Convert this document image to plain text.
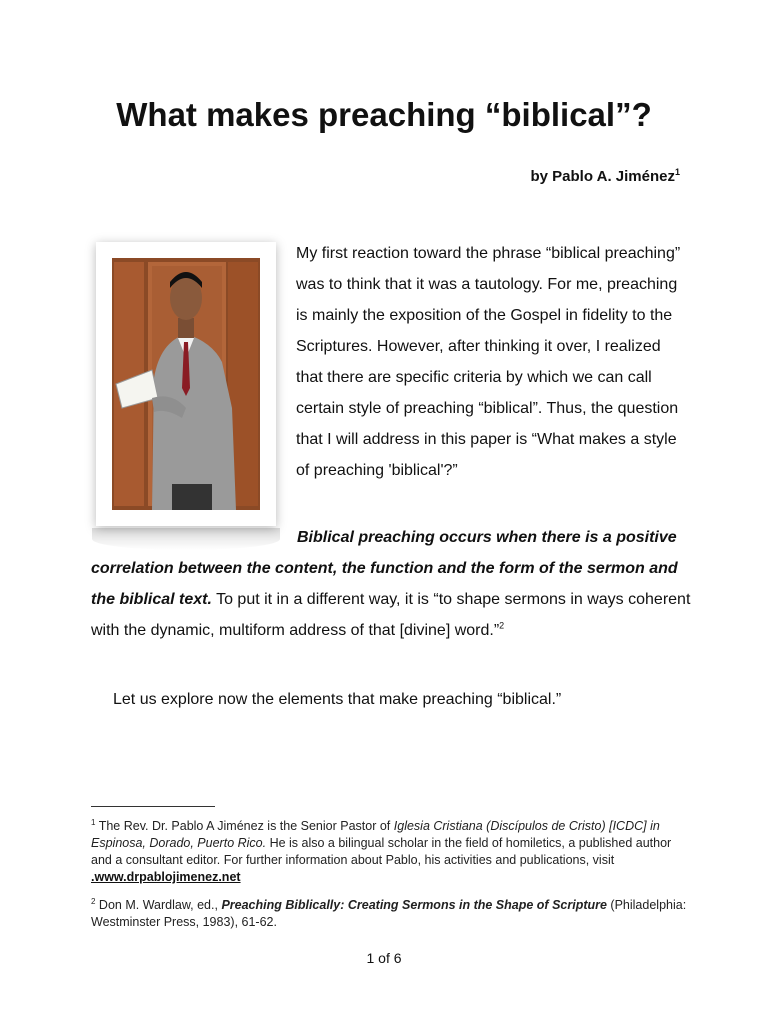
What makes preaching “biblical”?
by Pablo A. Jiménez$^1$

My first reaction toward the phrase “biblical preaching” was to think that it was a tautology. For me, preaching is mainly the exposition of the Gospel in fidelity to the Scriptures. However, after thinking it over, I realized that there are specific criteria by which we can call certain style of preaching “biblical”. Thus, the question that I will address in this paper is “What makes a style of preaching 'biblical'?”

Biblical preaching occurs when there is a positive correlation between the content, the function and the form of the sermon and the biblical text. To put it in a different way, it is “to shape sermons in ways coherent with the dynamic, multiform address of that [divine] word.”$^2$

Let us explore now the elements that make preaching “biblical.”

$^1$ The Rev. Dr. Pablo A Jiménez is the Senior Pastor of Iglesia Cristiana (Discípulos de Cristo) [ICDC] in Espinosa, Dorado, Puerto Rico. He is also a bilingual scholar in the field of homiletics, a published author and a consultant editor. For further information about Pablo, his activities and publications, visit .www.drpablojimenez.net

$^2$ Don M. Wardlaw, ed., Preaching Biblically: Creating Sermons in the Shape of Scripture (Philadelphia: Westminster Press, 1983), 61-62.

1 of 6
